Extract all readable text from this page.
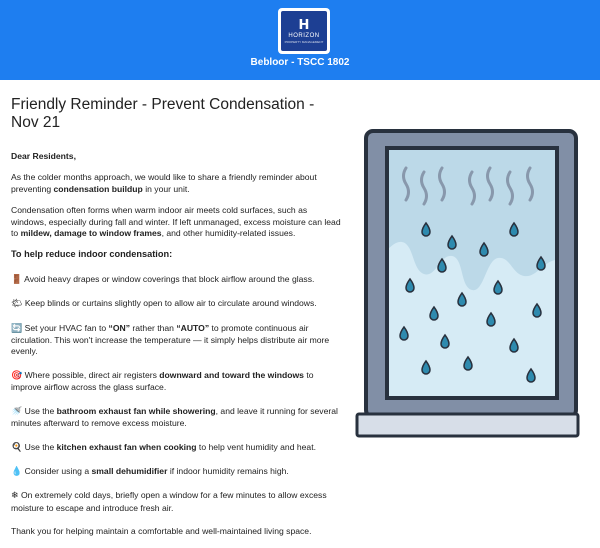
H
HORIZON
PROPERTY MANAGEMENT
Bebloor - TSCC 1802
Friendly Reminder - Prevent Condensation - Nov 21

Dear Residents,

As the colder months approach, we would like to share a friendly reminder about preventing condensation buildup in your unit.

Condensation often forms when warm indoor air meets cold surfaces, such as windows, especially during fall and winter. If left unmanaged, excess moisture can lead to mildew, damage to window frames, and other humidity-related issues.

To help reduce indoor condensation:

🚪 Avoid heavy drapes or window coverings that block airflow around the glass.

🌤 Keep blinds or curtains slightly open to allow air to circulate around windows.

🔄 Set your HVAC fan to “ON” rather than “AUTO” to promote continuous air circulation. This won't increase the temperature — it simply helps distribute air more evenly.

🎯 Where possible, direct air registers downward and toward the windows to improve airflow across the glass surface.

🚿 Use the bathroom exhaust fan while showering, and leave it running for several minutes afterward to remove excess moisture.

🍳 Use the kitchen exhaust fan when cooking to help vent humidity and heat.

💧 Consider using a small dehumidifier if indoor humidity remains high.

❄ On extremely cold days, briefly open a window for a few minutes to allow excess moisture to escape and introduce fresh air.

Thank you for helping maintain a comfortable and well-maintained living space.
